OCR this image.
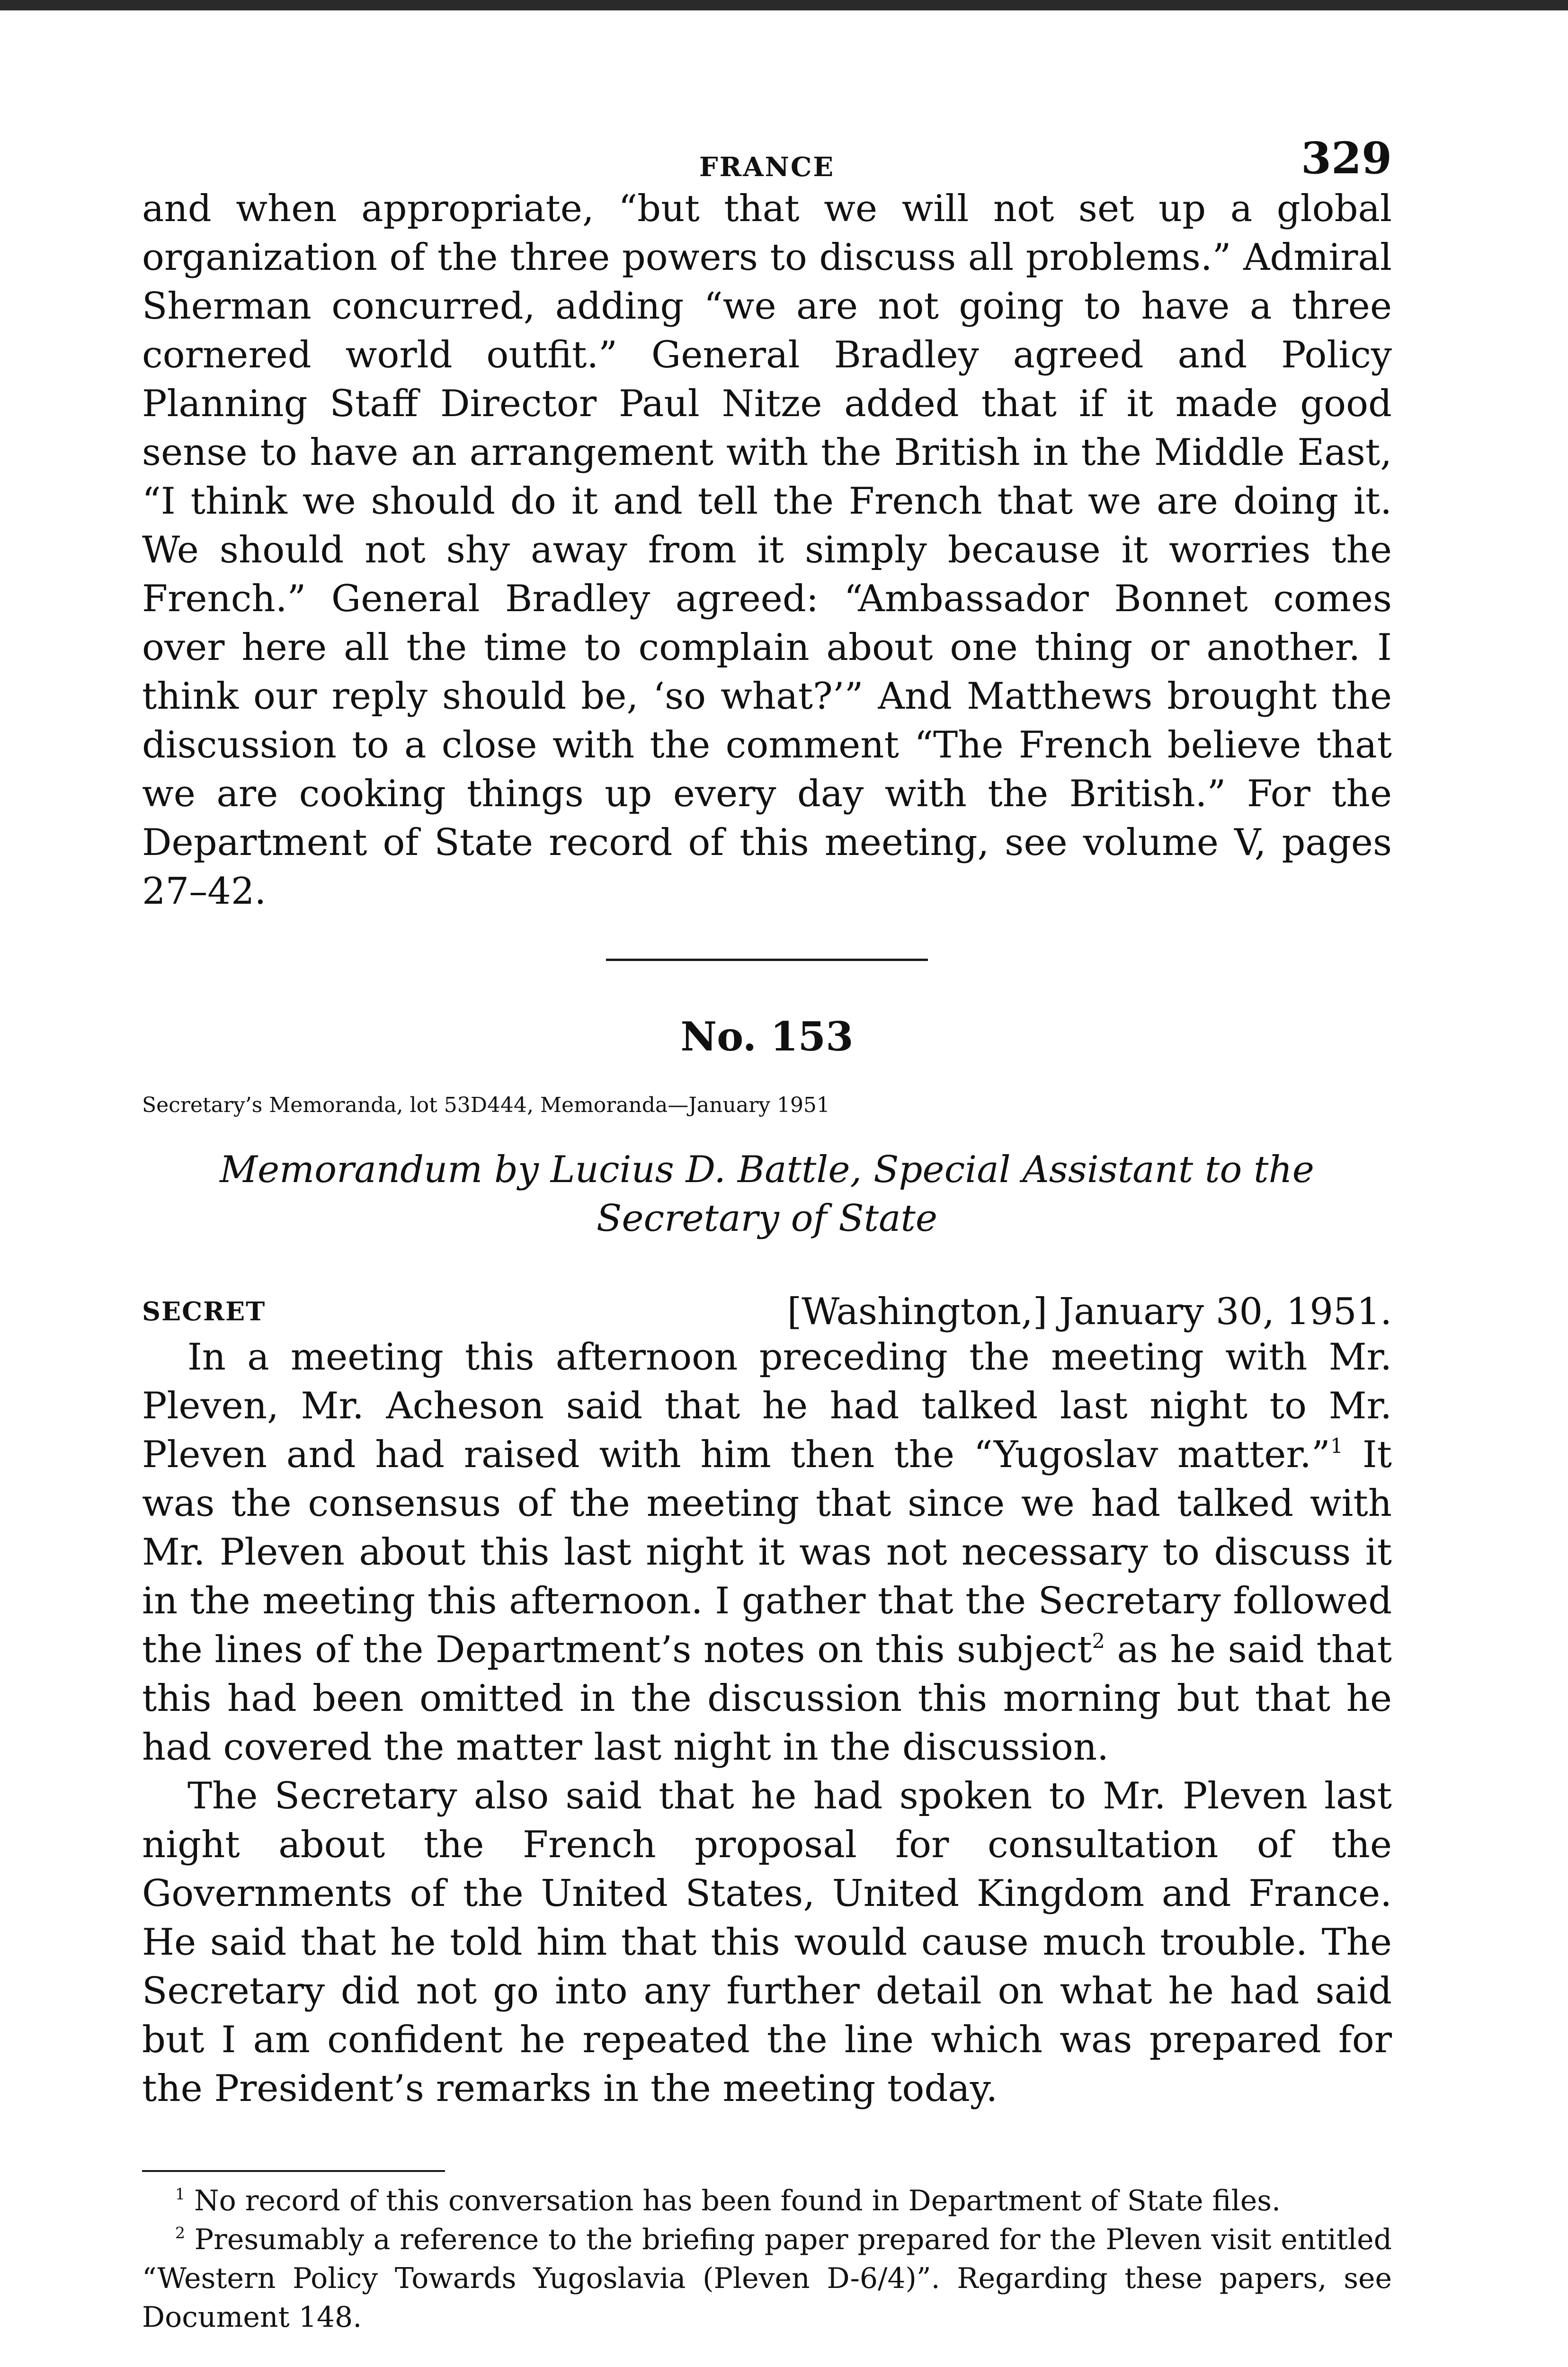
FRANCE	329

and when appropriate, “but that we will not set up a global organization of the three powers to discuss all problems.” Admiral Sherman concurred, adding “we are not going to have a three cornered world outfit.” General Bradley agreed and Policy Planning Staff Director Paul Nitze added that if it made good sense to have an arrangement with the British in the Middle East, “I think we should do it and tell the French that we are doing it. We should not shy away from it simply because it worries the French.” General Bradley agreed: “Ambassador Bonnet comes over here all the time to complain about one thing or another. I think our reply should be, ‘so what?’” And Matthews brought the discussion to a close with the comment “The French believe that we are cooking things up every day with the British.” For the Department of State record of this meeting, see volume V, pages 27–42.

No. 153
Secretary’s Memoranda, lot 53D444, Memoranda—January 1951
Memorandum by Lucius D. Battle, Special Assistant to the Secretary of State
SECRET	[Washington,] January 30, 1951.

In a meeting this afternoon preceding the meeting with Mr. Pleven, Mr. Acheson said that he had talked last night to Mr. Pleven and had raised with him then the “Yugoslav matter.”$^1$ It was the consensus of the meeting that since we had talked with Mr. Pleven about this last night it was not necessary to discuss it in the meeting this afternoon. I gather that the Secretary followed the lines of the Department’s notes on this subject$^2$ as he said that this had been omitted in the discussion this morning but that he had covered the matter last night in the discussion.

The Secretary also said that he had spoken to Mr. Pleven last night about the French proposal for consultation of the Governments of the United States, United Kingdom and France. He said that he told him that this would cause much trouble. The Secretary did not go into any further detail on what he had said but I am confident he repeated the line which was prepared for the President’s remarks in the meeting today.

$^1$ No record of this conversation has been found in Department of State files.

$^2$ Presumably a reference to the briefing paper prepared for the Pleven visit entitled “Western Policy Towards Yugoslavia (Pleven D-6/4)”. Regarding these papers, see Document 148.
